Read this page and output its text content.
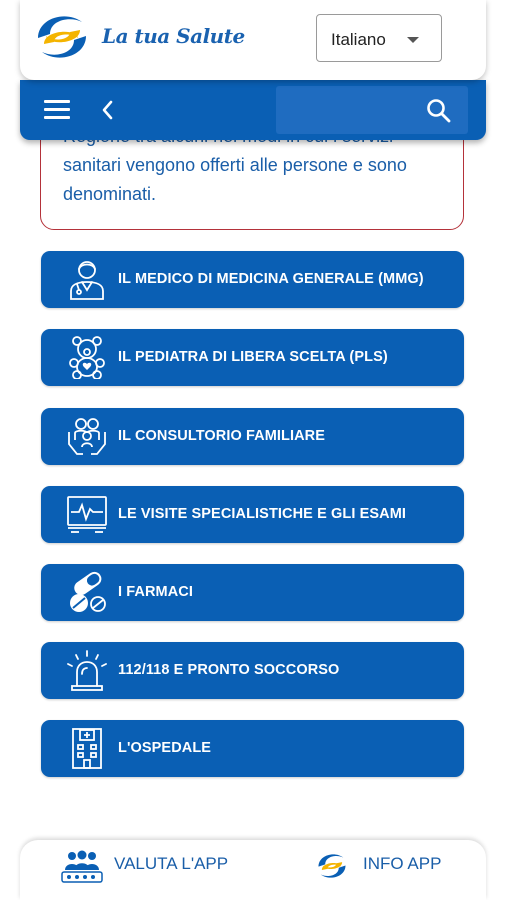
La tua Salute	Italiano
sanitari vengono offerti alle persone e sono denominati.
IL MEDICO DI MEDICINA GENERALE (MMG)
IL PEDIATRA DI LIBERA SCELTA (PLS)
IL CONSULTORIO FAMILIARE
LE VISITE SPECIALISTICHE E GLI ESAMI
I FARMACI
112/118 E PRONTO SOCCORSO
L'OSPEDALE
VALUTA L'APP	INFO APP
